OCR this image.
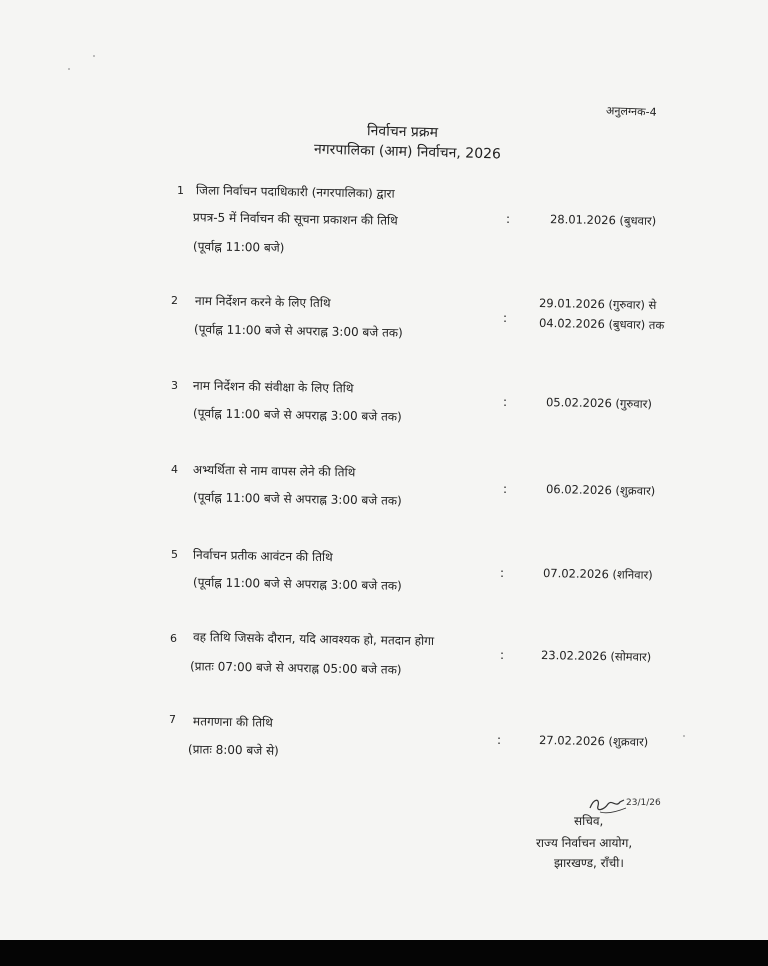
अनुलग्नक-4
निर्वाचन प्रक्रम
नगरपालिका (आम) निर्वाचन, 2026
1 जिला निर्वाचन पदाधिकारी (नगरपालिका) द्वारा
प्रपत्र-5 में निर्वाचन की सूचना प्रकाशन की तिथि
(पूर्वाह्न 11:00 बजे)
:	28.01.2026 (बुधवार)
2 नाम निर्देशन करने के लिए तिथि
(पूर्वाह्न 11:00 बजे से अपराह्न 3:00 बजे तक)
:
29.01.2026 (गुरुवार) से
04.02.2026 (बुधवार) तक
3 नाम निर्देशन की संवीक्षा के लिए तिथि
(पूर्वाह्न 11:00 बजे से अपराह्न 3:00 बजे तक)
:	05.02.2026 (गुरुवार)
4 अभ्यर्थिता से नाम वापस लेने की तिथि
(पूर्वाह्न 11:00 बजे से अपराह्न 3:00 बजे तक)
:	06.02.2026 (शुक्रवार)
5 निर्वाचन प्रतीक आवंटन की तिथि
(पूर्वाह्न 11:00 बजे से अपराह्न 3:00 बजे तक)
:	07.02.2026 (शनिवार)
6 वह तिथि जिसके दौरान, यदि आवश्यक हो, मतदान होगा
(प्रातः 07:00 बजे से अपराह्न 05:00 बजे तक)
:	23.02.2026 (सोमवार)
7 मतगणना की तिथि
(प्रातः 8:00 बजे से)
:	27.02.2026 (शुक्रवार)
23/1/26
सचिव,
राज्य निर्वाचन आयोग,
झारखण्ड, राँची।
